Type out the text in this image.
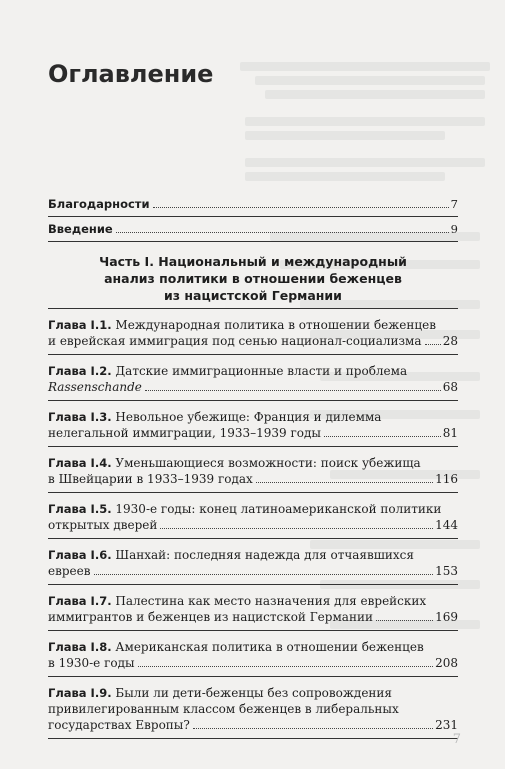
Оглавление
Благодарности	7
Введение	9
Часть I. Национальный и международный
анализ политики в отношении беженцев
из нацистской Германии
Глава I.1. Международная политика в отношении беженцев
и еврейская иммиграция под сенью национал-социализма 28
Глава I.2. Датские иммиграционные власти и проблема
Rassenschande	68
Глава I.3. Невольное убежище: Франция и дилемма
нелегальной иммиграции, 1933–1939 годы	81
Глава I.4. Уменьшающиеся возможности: поиск убежища
в Швейцарии в 1933–1939 годах	116
Глава I.5. 1930-е годы: конец латиноамериканской политики
открытых дверей	144
Глава I.6. Шанхай: последняя надежда для отчаявшихся
евреев	153
Глава I.7. Палестина как место назначения для еврейских
иммигрантов и беженцев из нацистской Германии	169
Глава I.8. Американская политика в отношении беженцев
в 1930-е годы	208
Глава I.9. Были ли дети-беженцы без сопровождения
привилегированным классом беженцев в либеральных
государствах Европы?	231
7
